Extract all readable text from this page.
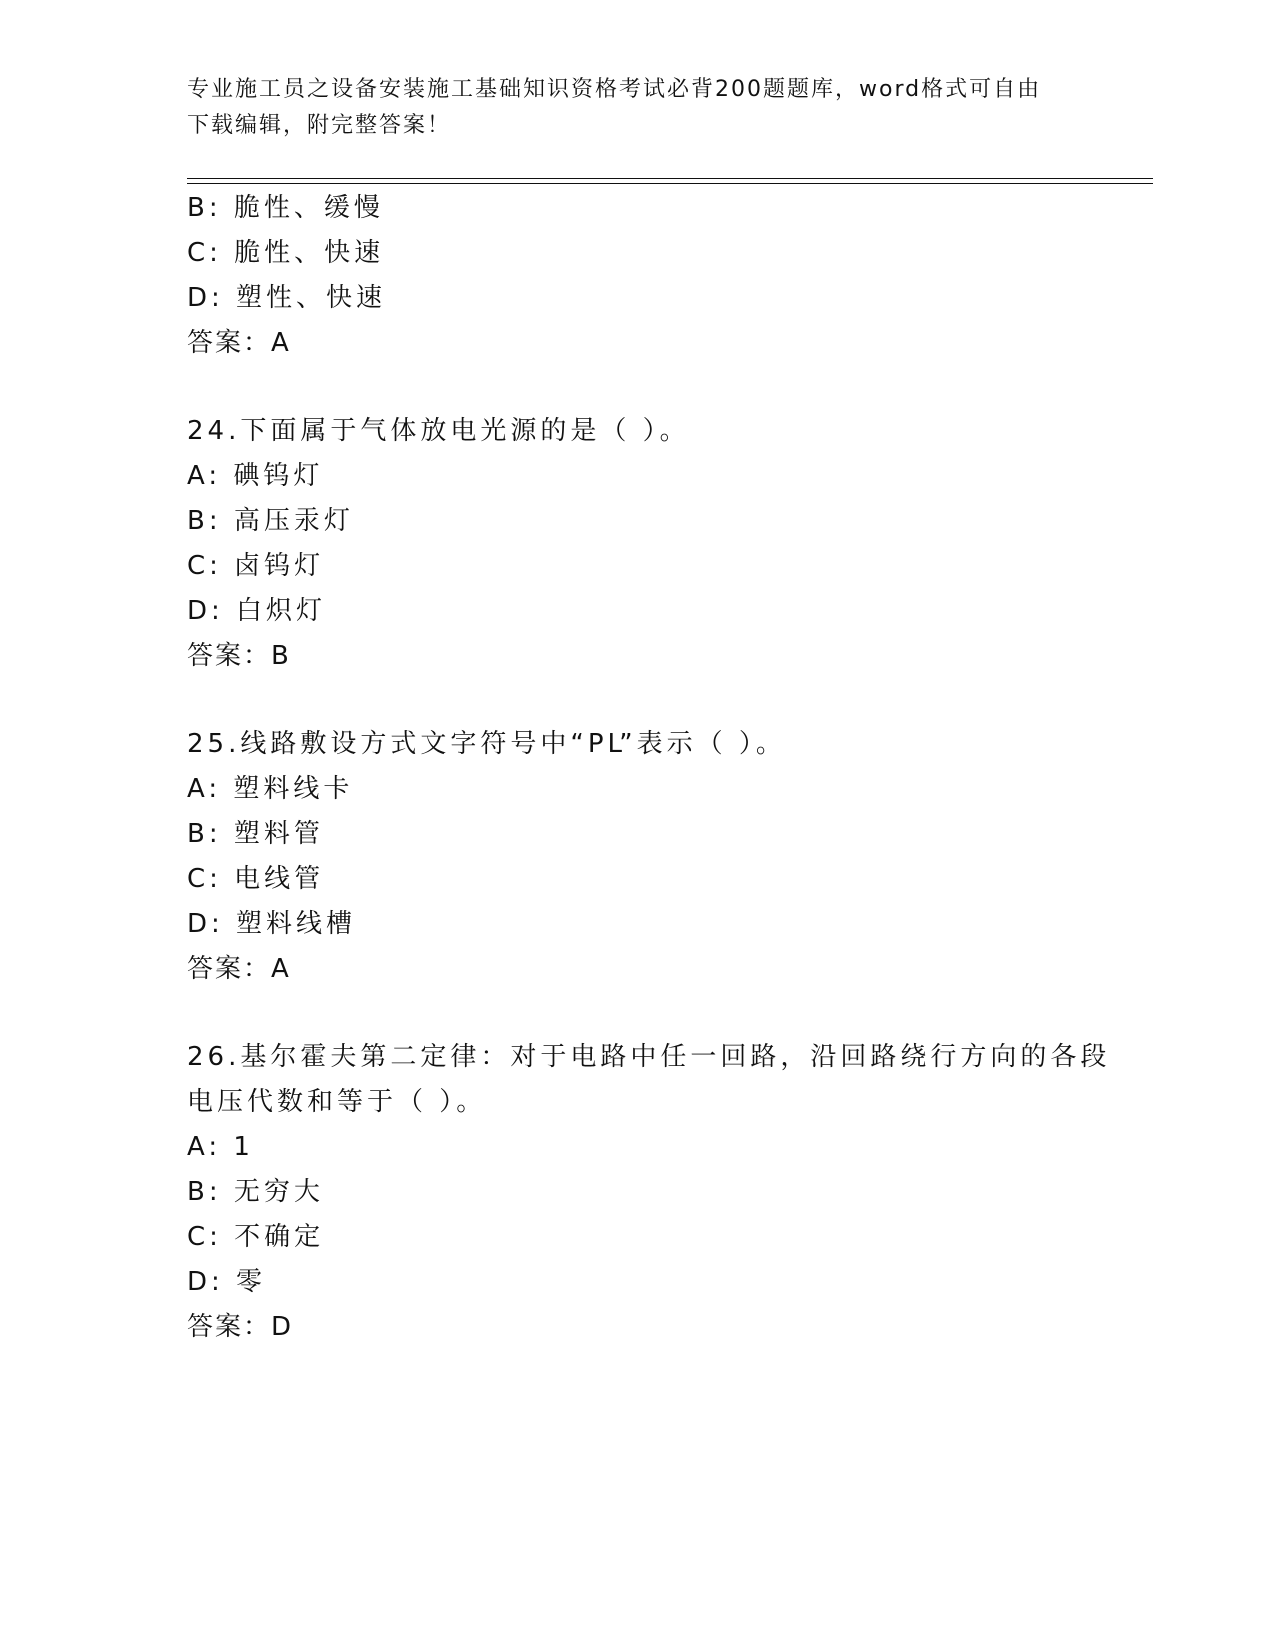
专业施工员之设备安装施工基础知识资格考试必背200题题库，word格式可自由
下载编辑，附完整答案！
B: 脆性、缓慢
C: 脆性、快速
D: 塑性、快速
答案：A
24.下面属于气体放电光源的是（ ）。
A: 碘钨灯
B: 高压汞灯
C: 卤钨灯
D: 白炽灯
答案：B
25.线路敷设方式文字符号中“PL”表示（ ）。
A: 塑料线卡
B: 塑料管
C: 电线管
D: 塑料线槽
答案：A
26.基尔霍夫第二定律：对于电路中任一回路，沿回路绕行方向的各段
电压代数和等于（ ）。
A: 1
B: 无穷大
C: 不确定
D: 零
答案：D
